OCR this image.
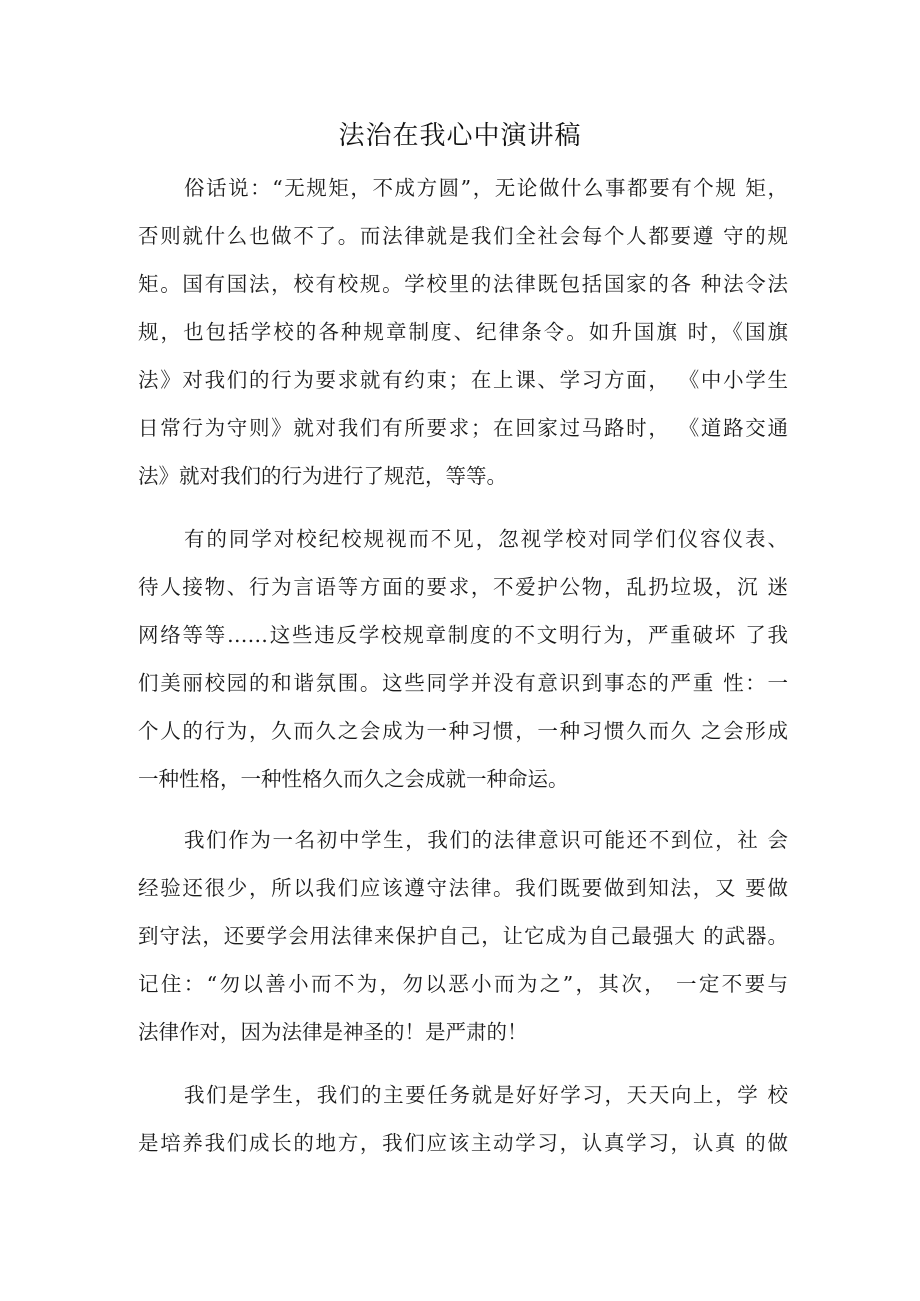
法治在我心中演讲稿
俗话说：“无规矩，不成方圆”，无论做什么事都要有个规 矩，
否则就什么也做不了。而法律就是我们全社会每个人都要遵 守的规
矩。国有国法，校有校规。学校里的法律既包括国家的各 种法令法
规，也包括学校的各种规章制度、纪律条令。如升国旗 时，《国旗
法》对我们的行为要求就有约束；在上课、学习方面， 《中小学生
日常行为守则》就对我们有所要求；在回家过马路时， 《道路交通
法》就对我们的行为进行了规范，等等。
有的同学对校纪校规视而不见，忽视学校对同学们仪容仪表、
待人接物、行为言语等方面的要求，不爱护公物，乱扔垃圾，沉 迷
网络等等……这些违反学校规章制度的不文明行为，严重破坏 了我
们美丽校园的和谐氛围。这些同学并没有意识到事态的严重 性：一
个人的行为，久而久之会成为一种习惯，一种习惯久而久 之会形成
一种性格，一种性格久而久之会成就一种命运。
我们作为一名初中学生，我们的法律意识可能还不到位，社 会
经验还很少，所以我们应该遵守法律。我们既要做到知法，又 要做
到守法，还要学会用法律来保护自己，让它成为自己最强大 的武器。
记住：“勿以善小而不为，勿以恶小而为之”，其次， 一定不要与
法律作对，因为法律是神圣的！是严肃的！
我们是学生，我们的主要任务就是好好学习，天天向上，学 校
是培养我们成长的地方，我们应该主动学习，认真学习，认真 的做
